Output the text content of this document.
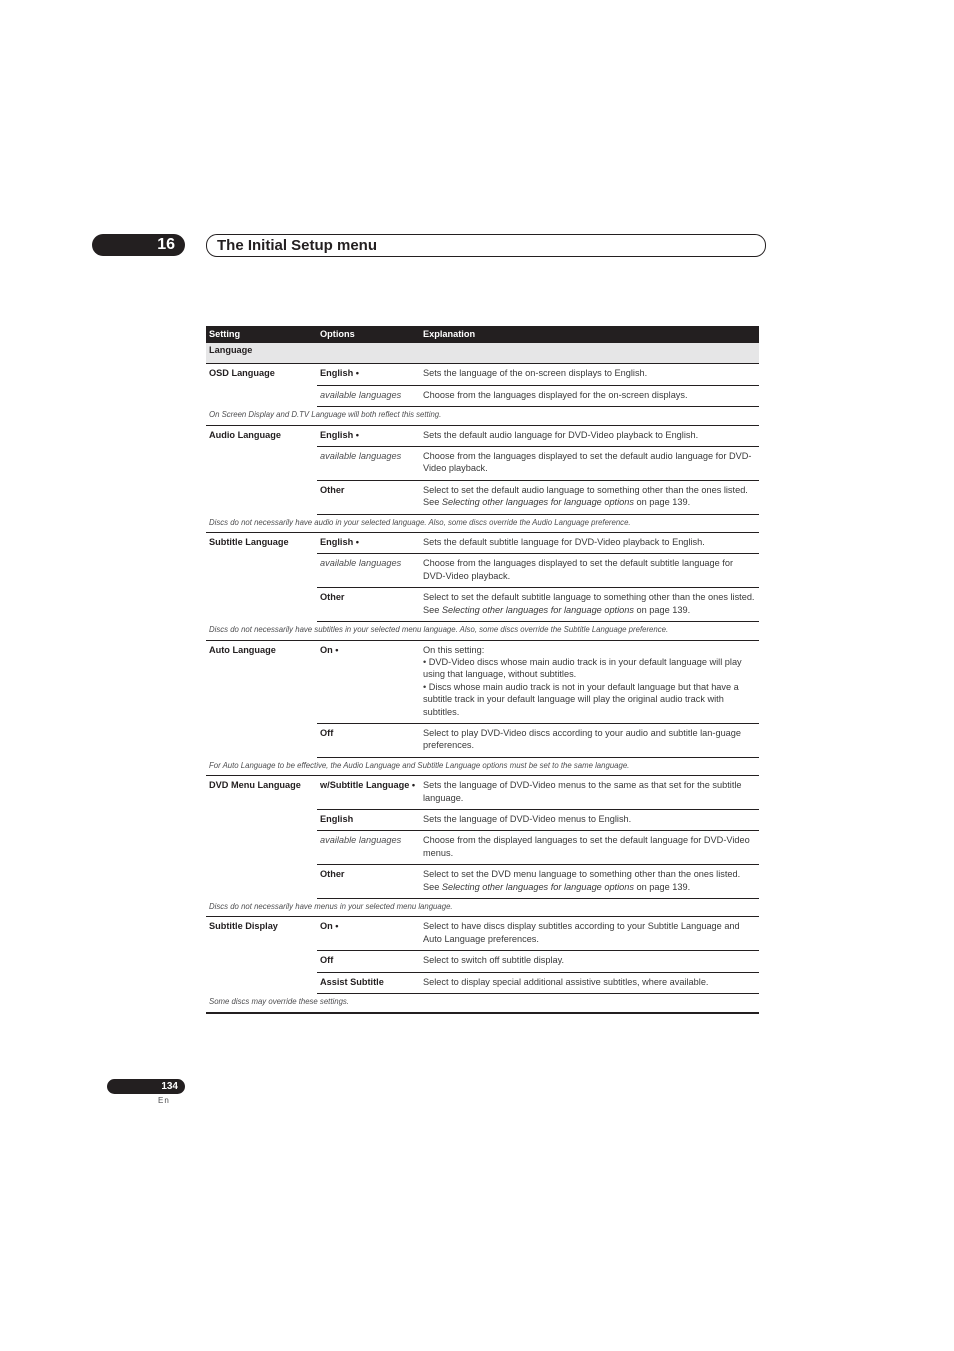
16	The Initial Setup menu
Setting	Options	Explanation
Language		
OSD Language	English •	Sets the language of the on-screen displays to English.
	available languages	Choose from the languages displayed for the on-screen displays.
On Screen Display and D.TV Language will both reflect this setting.		
Audio Language	English •	Sets the default audio language for DVD-Video playback to English.
	available languages	Choose from the languages displayed to set the default audio language for DVD-Video playback.
	Other	Select to set the default audio language to something other than the ones listed. See Selecting other languages for language options on page 139.
Discs do not necessarily have audio in your selected language. Also, some discs override the Audio Language preference.		
Subtitle Language	English •	Sets the default subtitle language for DVD-Video playback to English.
	available languages	Choose from the languages displayed to set the default subtitle language for DVD-Video playback.
	Other	Select to set the default subtitle language to something other than the ones listed. See Selecting other languages for language options on page 139.
Discs do not necessarily have subtitles in your selected menu language. Also, some discs override the Subtitle Language preference.		
Auto Language	On •	On this setting:
• DVD-Video discs whose main audio track is in your default language will play using that language, without subtitles.
• Discs whose main audio track is not in your default language but that have a subtitle track in your default language will play the original audio track with subtitles.

	Off	Select to play DVD-Video discs according to your audio and subtitle lan-guage preferences.
For Auto Language to be effective, the Audio Language and Subtitle Language options must be set to the same language.		
DVD Menu Language	w/Subtitle Language •	Sets the language of DVD-Video menus to the same as that set for the subtitle language.
	English	Sets the language of DVD-Video menus to English.
	available languages	Choose from the displayed languages to set the default language for DVD-Video menus.
	Other	Select to set the DVD menu language to something other than the ones listed. See Selecting other languages for language options on page 139.
Discs do not necessarily have menus in your selected menu language.		
Subtitle Display	On •	Select to have discs display subtitles according to your Subtitle Language and Auto Language preferences.
	Off	Select to switch off subtitle display.
	Assist Subtitle	Select to display special additional assistive subtitles, where available.
Some discs may override these settings.		
134
En
